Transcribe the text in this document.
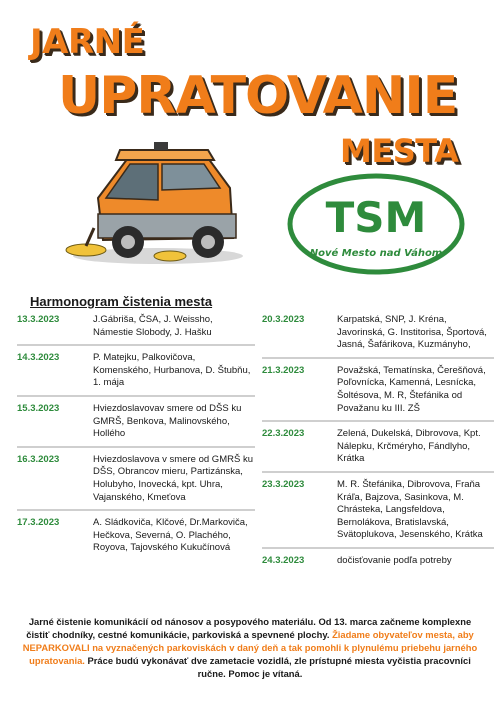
JARNÉ
UPRATOVANIE
MESTA
TSM
Nové Mesto nad Váhom
Harmonogram čistenia mesta
13.3.2023	J.Gábriša, ČSA, J. Weissho, Námestie Slobody, J. Hašku
14.3.2023	P. Matejku, Palkovičova, Komenského, Hurbanova, D. Štubňu, 1. mája
15.3.2023	Hviezdoslavovav smere od DŠS ku GMRŠ, Benkova, Malinovského, Hollého
16.3.2023	Hviezdoslavova v smere od GMRŠ ku DŠS, Obrancov mieru, Partizánska, Holubyho, Inovecká, kpt. Uhra, Vajanského, Kmeťova
17.3.2023	A. Sládkoviča, Klčové, Dr.Markoviča, Hečkova, Severná, O. Plachého, Royova, Tajovského Kukučínová
20.3.2023	Karpatská, SNP, J. Kréna, Javorinská, G. Institorisa, Športová, Jasná, Šafárikova, Kuzmányho,
21.3.2023	Považská, Tematínska, Čerešňová, Poľovnícka, Kamenná, Lesnícka, Šoltésova, M. R, Štefánika od Považanu ku III. ZŠ
22.3.2023	Zelená, Dukelská, Dibrovova, Kpt. Nálepku, Krčméryho, Fándlyho, Krátka
23.3.2023	M. R. Štefánika, Dibrovova, Fraňa Kráľa, Bajzova, Sasinkova, M. Chrásteka, Langsfeldova, Bernolákova, Bratislavská, Svätoplukova, Jesenského, Krátka
24.3.2023	dočisťovanie podľa potreby
Jarné čistenie komunikácií od nánosov a posypového materiálu. Od 13. marca začneme komplexne čistiť chodníky, cestné komunikácie, parkoviská a spevnené plochy. Žiadame obyvateľov mesta, aby NEPARKOVALI na vyznačených parkoviskách v daný deň a tak pomohli k plynulému priebehu jarného upratovania. Práce budú vykonávať dve zametacie vozidlá, zle prístupné miesta vyčistia pracovníci ručne. Pomoc je vítaná.
